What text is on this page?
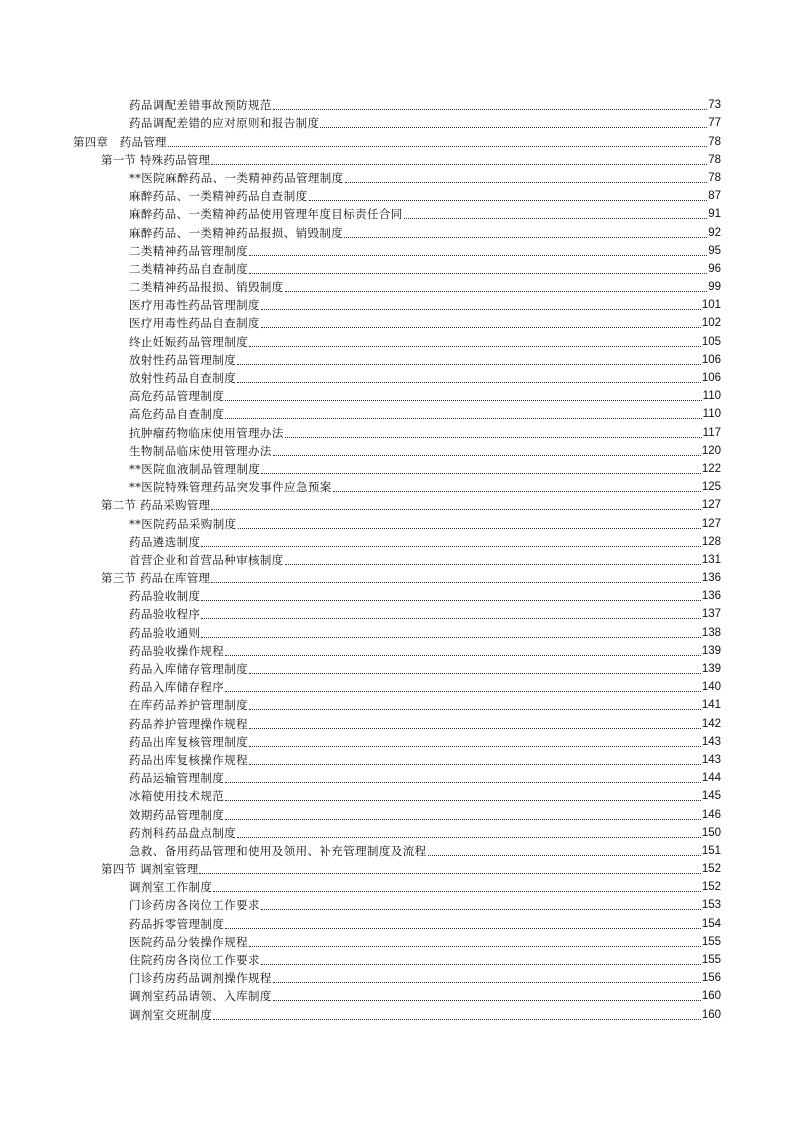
药品调配差错事故预防规范	73
药品调配差错的应对原则和报告制度	77
第四章　药品管理	78
第一节 特殊药品管理	78
**医院麻醉药品、一类精神药品管理制度	78
麻醉药品、一类精神药品自查制度	87
麻醉药品、一类精神药品使用管理年度目标责任合同	91
麻醉药品、一类精神药品报损、销毁制度	92
二类精神药品管理制度	95
二类精神药品自查制度	96
二类精神药品报损、销毁制度	99
医疗用毒性药品管理制度	101
医疗用毒性药品自查制度	102
终止妊娠药品管理制度	105
放射性药品管理制度	106
放射性药品自查制度	106
高危药品管理制度	110
高危药品自查制度	110
抗肿瘤药物临床使用管理办法	117
生物制品临床使用管理办法	120
**医院血液制品管理制度	122
**医院特殊管理药品突发事件应急预案	125
第二节 药品采购管理	127
**医院药品采购制度	127
药品遴选制度	128
首营企业和首营品种审核制度	131
第三节 药品在库管理	136
药品验收制度	136
药品验收程序	137
药品验收通则	138
药品验收操作规程	139
药品入库储存管理制度	139
药品入库储存程序	140
在库药品养护管理制度	141
药品养护管理操作规程	142
药品出库复核管理制度	143
药品出库复核操作规程	143
药品运输管理制度	144
冰箱使用技术规范	145
效期药品管理制度	146
药剂科药品盘点制度	150
急救、备用药品管理和使用及领用、补充管理制度及流程	151
第四节 调剂室管理	152
调剂室工作制度	152
门诊药房各岗位工作要求	153
药品拆零管理制度	154
医院药品分装操作规程	155
住院药房各岗位工作要求	155
门诊药房药品调剂操作规程	156
调剂室药品请领、入库制度	160
调剂室交班制度	160
